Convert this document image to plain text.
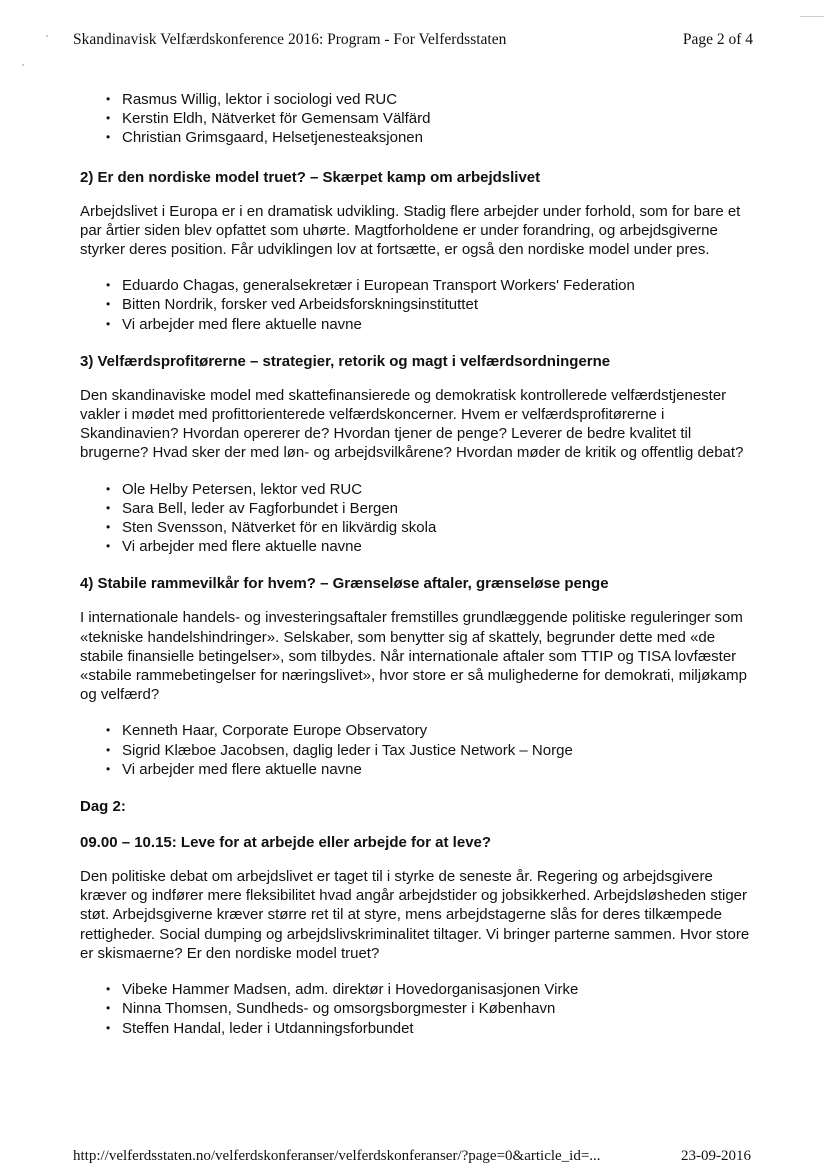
Skandinavisk Velfærdskonference 2016: Program - For Velferdsstaten	Page 2 of 4
• Rasmus Willig, lektor i sociologi ved RUC
• Kerstin Eldh, Nätverket för Gemensam Välfärd
• Christian Grimsgaard, Helsetjenesteaksjonen
2) Er den nordiske model truet? – Skærpet kamp om arbejdslivet

Arbejdslivet i Europa er i en dramatisk udvikling. Stadig flere arbejder under forhold, som for bare et par årtier siden blev opfattet som uhørte. Magtforholdene er under forandring, og arbejdsgiverne styrker deres position. Får udviklingen lov at fortsætte, er også den nordiske model under pres.

• Eduardo Chagas, generalsekretær i European Transport Workers' Federation
• Bitten Nordrik, forsker ved Arbeidsforskningsinstituttet
• Vi arbejder med flere aktuelle navne
3) Velfærdsprofitørerne – strategier, retorik og magt i velfærdsordningerne

Den skandinaviske model med skattefinansierede og demokratisk kontrollerede velfærdstjenester vakler i mødet med profittorienterede velfærdskoncerner. Hvem er velfærdsprofitørerne i Skandinavien? Hvordan opererer de? Hvordan tjener de penge? Leverer de bedre kvalitet til brugerne? Hvad sker der med løn- og arbejdsvilkårene? Hvordan møder de kritik og offentlig debat?

• Ole Helby Petersen, lektor ved RUC
• Sara Bell, leder av Fagforbundet i Bergen
• Sten Svensson, Nätverket för en likvärdig skola
• Vi arbejder med flere aktuelle navne
4) Stabile rammevilkår for hvem? – Grænseløse aftaler, grænseløse penge

I internationale handels- og investeringsaftaler fremstilles grundlæggende politiske reguleringer som «tekniske handelshindringer». Selskaber, som benytter sig af skattely, begrunder dette med «de stabile finansielle betingelser», som tilbydes. Når internationale aftaler som TTIP og TISA lovfæster «stabile rammebetingelser for næringslivet», hvor store er så mulighederne for demokrati, miljøkamp og velfærd?

• Kenneth Haar, Corporate Europe Observatory
• Sigrid Klæboe Jacobsen, daglig leder i Tax Justice Network – Norge
• Vi arbejder med flere aktuelle navne
Dag 2:
09.00 – 10.15: Leve for at arbejde eller arbejde for at leve?

Den politiske debat om arbejdslivet er taget til i styrke de seneste år. Regering og arbejdsgivere kræver og indfører mere fleksibilitet hvad angår arbejdstider og jobsikkerhed. Arbejdsløsheden stiger støt. Arbejdsgiverne kræver større ret til at styre, mens arbejdstagerne slås for deres tilkæmpede rettigheder. Social dumping og arbejdslivskriminalitet tiltager. Vi bringer parterne sammen. Hvor store er skismaerne? Er den nordiske model truet?

• Vibeke Hammer Madsen, adm. direktør i Hovedorganisasjonen Virke
• Ninna Thomsen, Sundheds- og omsorgsborgmester i København
• Steffen Handal, leder i Utdanningsforbundet
http://velferdsstaten.no/velferdskonferanser/velferdskonferanser/?page=0&article_id=...	23-09-2016
